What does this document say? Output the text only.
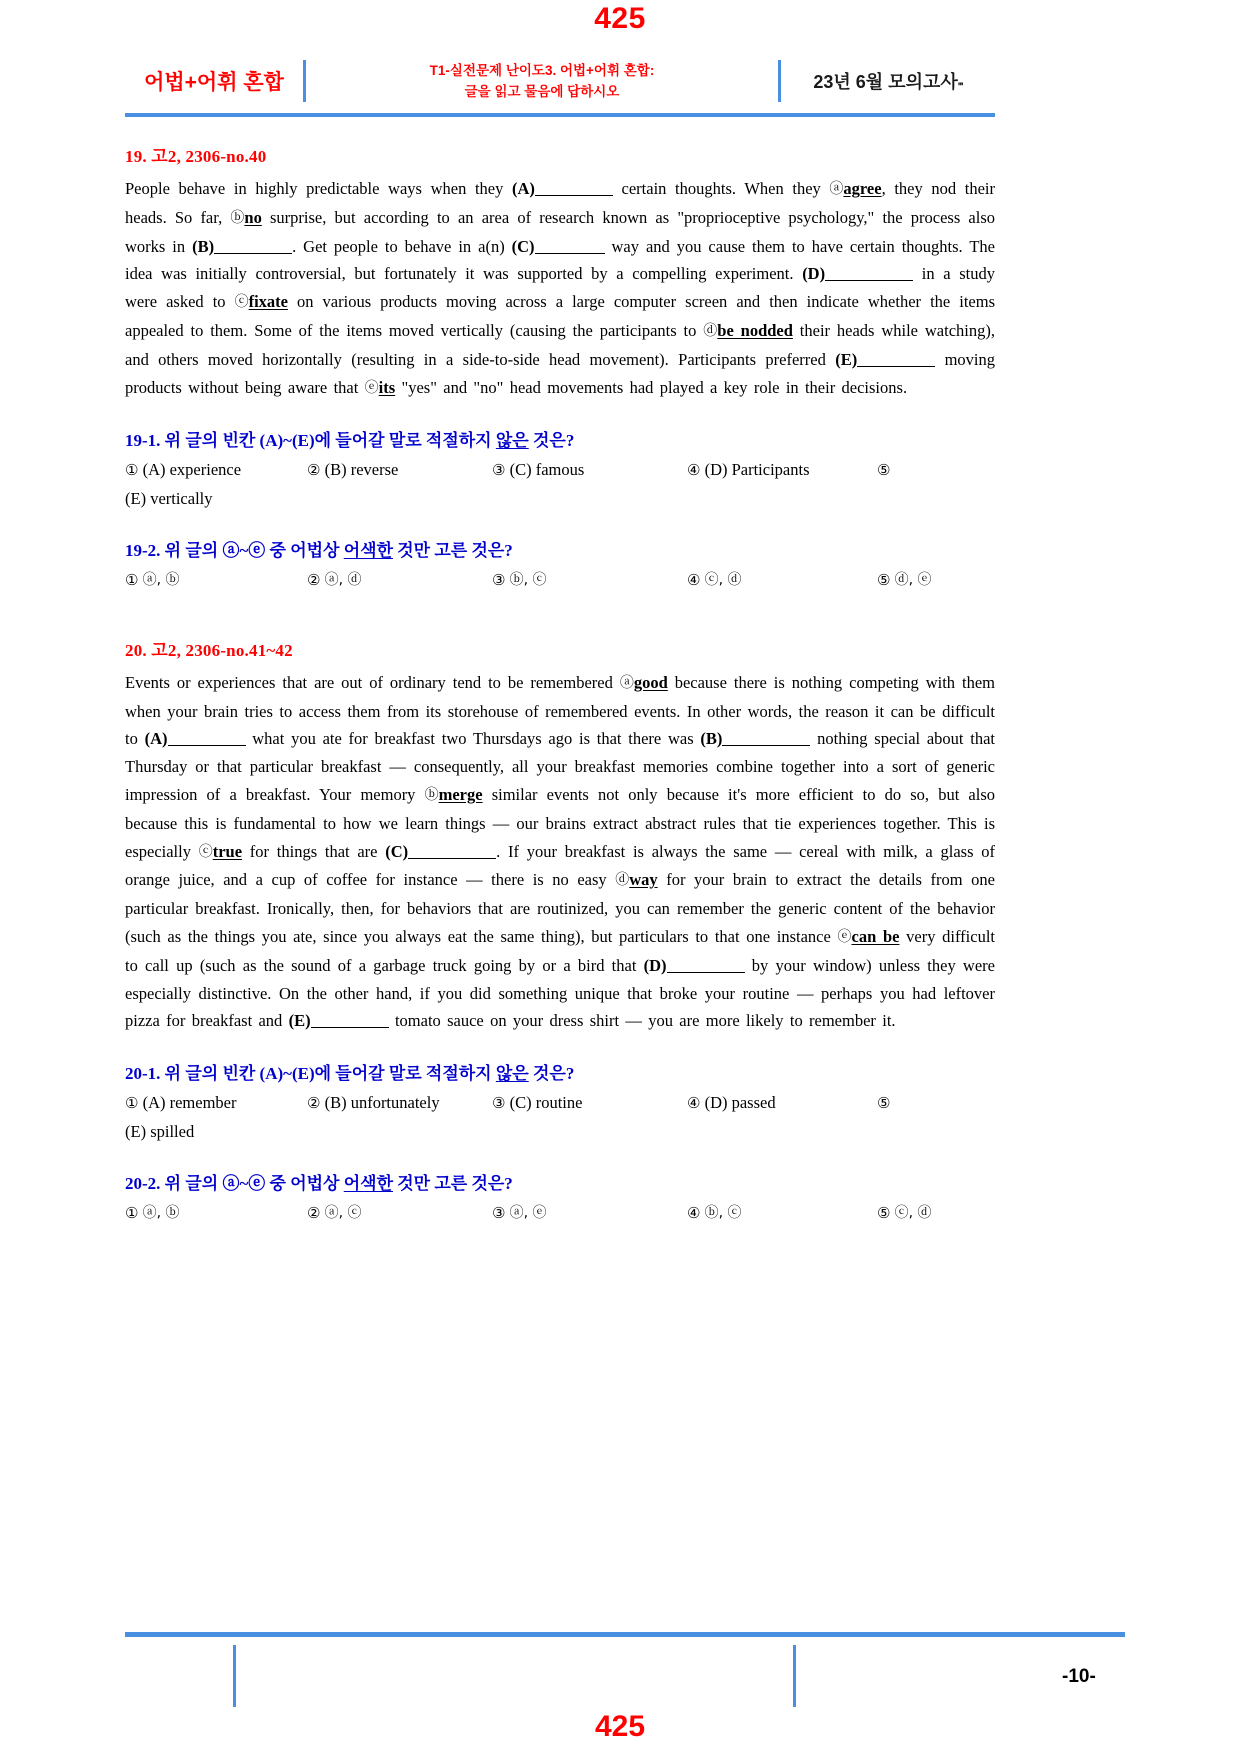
425
어법+어휘 혼합
T1-실전문제 난이도3. 어법+어휘 혼합:
글을 읽고 물음에 답하시오	23년 6월 모의고사'''

19. 고2, 2306-no.40

People behave in highly predictable ways when they (A)	certain thoughts. When they ⓐagree, they nod their heads. So far, ⓑno surprise, but according to an area of research known as "proprioceptive psychology," the process also works in (B)	. Get people to behave in a(n) (C)	way and you cause them to have certain thoughts. The idea was initially controversial, but fortunately it was supported by a compelling experiment. (D)	in a study were asked to ⓒfixate on various products moving across a large computer screen and then indicate whether the items appealed to them. Some of the items moved vertically (causing the participants to ⓓbe nodded their heads while watching), and others moved horizontally (resulting in a side-to-side head movement). Participants preferred (E)	moving products without being aware that ⓔits "yes" and "no" head movements had played a key role in their decisions.

19-1. 위 글의 빈칸 (A)~(E)에 들어갈 말로 적절하지 않은 것은?

① (A) experience	② (B) reverse	③ (C) famous	④ (D) Participants	⑤
(E) vertically

19-2. 위 글의 ⓐ~ⓔ 중 어법상 어색한 것만 고른 것은?

① ⓐ, ⓑ	② ⓐ, ⓓ	③ ⓑ, ⓒ	④ ⓒ, ⓓ	⑤ ⓓ, ⓔ

20. 고2, 2306-no.41~42

Events or experiences that are out of ordinary tend to be remembered ⓐgood because there is nothing competing with them when your brain tries to access them from its storehouse of remembered events. In other words, the reason it can be difficult to (A)	what you ate for breakfast two Thursdays ago is that there was (B)	nothing special about that Thursday or that particular breakfast — consequently, all your breakfast memories combine together into a sort of generic impression of a breakfast. Your memory ⓑmerge similar events not only because it's more efficient to do so, but also because this is fundamental to how we learn things — our brains extract abstract rules that tie experiences together. This is especially ⓒtrue for things that are (C)	. If your breakfast is always the same — cereal with milk, a glass of orange juice, and a cup of coffee for instance — there is no easy ⓓway for your brain to extract the details from one particular breakfast. Ironically, then, for behaviors that are routinized, you can remember the generic content of the behavior (such as the things you ate, since you always eat the same thing), but particulars to that one instance ⓔcan be very difficult to call up (such as the sound of a garbage truck going by or a bird that (D)	by your window) unless they were especially distinctive. On the other hand, if you did something unique that broke your routine — perhaps you had leftover pizza for breakfast and (E)	tomato sauce on your dress shirt — you are more likely to remember it.

20-1. 위 글의 빈칸 (A)~(E)에 들어갈 말로 적절하지 않은 것은?

① (A) remember	② (B) unfortunately	③ (C) routine	④ (D) passed	⑤
(E) spilled

20-2. 위 글의 ⓐ~ⓔ 중 어법상 어색한 것만 고른 것은?

① ⓐ, ⓑ	② ⓐ, ⓒ	③ ⓐ, ⓔ	④ ⓑ, ⓒ	⑤ ⓒ, ⓓ
-10-
425
